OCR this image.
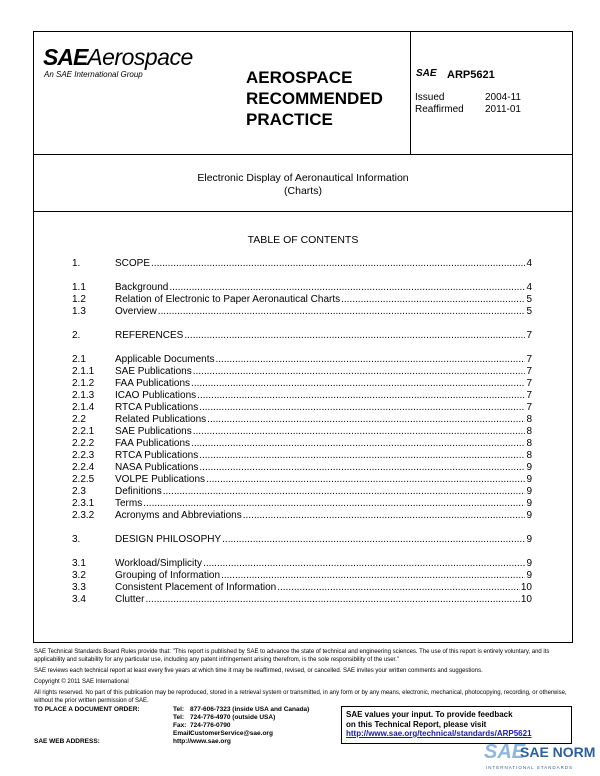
SAEAerospace
An SAE International Group	AEROSPACE
RECOMMENDED
PRACTICE
SAE ARP5621
Issued	2004-11
Reaffirmed 2011-01
Electronic Display of Aeronautical Information
(Charts)
TABLE OF CONTENTS
1.	SCOPE .....	4
1.1	Background .....	4
1.2	Relation of Electronic to Paper Aeronautical Charts .....	5
1.3	Overview .....	5
2.	REFERENCES .....	7
2.1	Applicable Documents .....	7
2.1.1	SAE Publications .....	7
2.1.2	FAA Publications .....	7
2.1.3	ICAO Publications .....	7
2.1.4	RTCA Publications .....	7
2.2	Related Publications .....	8
2.2.1	SAE Publications .....	8
2.2.2	FAA Publications .....	8
2.2.3	RTCA Publications .....	8
2.2.4	NASA Publications .....	9
2.2.5	VOLPE Publications .....	9
2.3	Definitions .....	9
2.3.1	Terms .....	9
2.3.2	Acronyms and Abbreviations .....	9
3.	DESIGN PHILOSOPHY .....	9
3.1	Workload/Simplicity .....	9
3.2	Grouping of Information .....	9
3.3	Consistent Placement of Information .....	10
3.4	Clutter .....	10

SAE Technical Standards Board Rules provide that: "This report is published by SAE to advance the state of technical and engineering sciences. The use of this report is entirely voluntary, and its applicability and suitability for any particular use, including any patent infringement arising therefrom, is the sole responsibility of the user."

SAE reviews each technical report at least every five years at which time it may be reaffirmed, revised, or cancelled. SAE invites your written comments and suggestions.

Copyright © 2011 SAE International

All rights reserved. No part of this publication may be reproduced, stored in a retrieval system or transmitted, in any form or by any means, electronic, mechanical, photocopying, recording, or otherwise, without the prior written permission of SAE.

TO PLACE A DOCUMENT ORDER:	Tel: 877-606-7323 (inside USA and Canada)
Tel: 724-776-4970 (outside USA)
Fax: 724-776-0790
Email:
CustomerService@sae.org
SAE WEB ADDRESS:	http://www.sae.org
SAE values your input. To provide feedback
on this Technical Report, please visit
http://www.sae.org/technical/standards/ARP5621
SAE
SAE NORM
INTERNATIONAL STANDARDS
